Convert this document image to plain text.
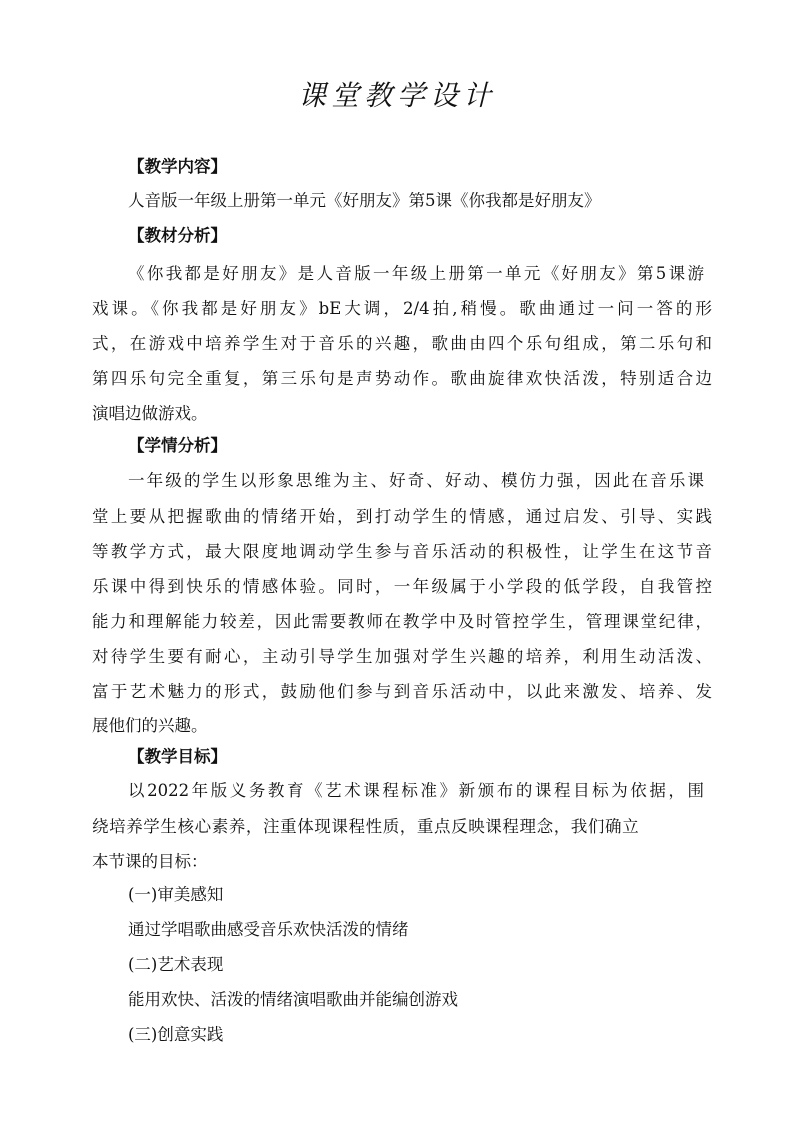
课堂教学设计
【教学内容】
人音版一年级上册第一单元《好朋友》第5课《你我都是好朋友》
【教材分析】
《你我都是好朋友》是人音版一年级上册第一单元《好朋友》第5课游
戏课。《你我都是好朋友》bE大调，2/4拍,稍慢。歌曲通过一问一答的形
式，在游戏中培养学生对于音乐的兴趣，歌曲由四个乐句组成，第二乐句和
第四乐句完全重复，第三乐句是声势动作。歌曲旋律欢快活泼，特别适合边
演唱边做游戏。
【学情分析】
一年级的学生以形象思维为主、好奇、好动、模仿力强，因此在音乐课
堂上要从把握歌曲的情绪开始，到打动学生的情感，通过启发、引导、实践
等教学方式，最大限度地调动学生参与音乐活动的积极性，让学生在这节音
乐课中得到快乐的情感体验。同时，一年级属于小学段的低学段，自我管控
能力和理解能力较差，因此需要教师在教学中及时管控学生，管理课堂纪律，
对待学生要有耐心，主动引导学生加强对学生兴趣的培养，利用生动活泼、
富于艺术魅力的形式，鼓励他们参与到音乐活动中，以此来激发、培养、发
展他们的兴趣。
【教学目标】
以2022年版义务教育《艺术课程标准》新颁布的课程目标为依据，围
绕培养学生核心素养，注重体现课程性质，重点反映课程理念，我们确立
本节课的目标：
(一)审美感知
通过学唱歌曲感受音乐欢快活泼的情绪
(二)艺术表现
能用欢快、活泼的情绪演唱歌曲并能编创游戏
(三)创意实践
